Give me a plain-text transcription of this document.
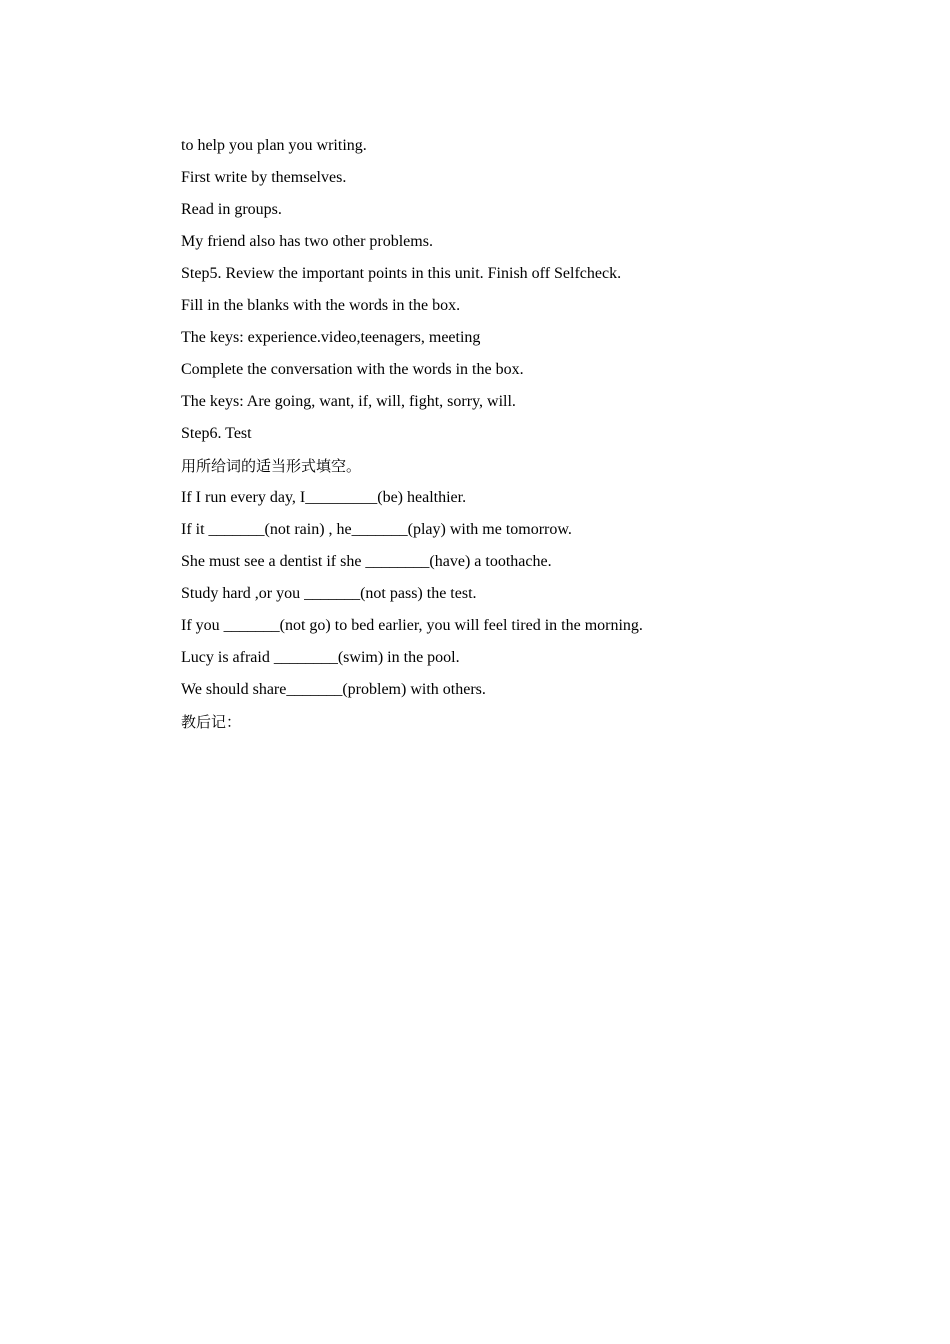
to help you plan you writing.
First write by themselves.
Read in groups.
My friend also has two other problems.
Step5. Review the important points in this unit. Finish off Selfcheck.
Fill in the blanks with the words in the box.
The keys: experience.video,teenagers, meeting
Complete the conversation with the words in the box.
The keys: Are going, want, if, will, fight, sorry, will.
Step6. Test
用所给词的适当形式填空。
If I run every day, I_________(be) healthier.
If it _______(not rain) , he_______(play) with me tomorrow.
She must see a dentist if she ________(have) a toothache.
Study hard ,or you _______(not pass) the test.
If you _______(not go) to bed earlier, you will feel tired in the morning.
Lucy is afraid ________(swim) in the pool.
We should share_______(problem) with others.
教后记：
